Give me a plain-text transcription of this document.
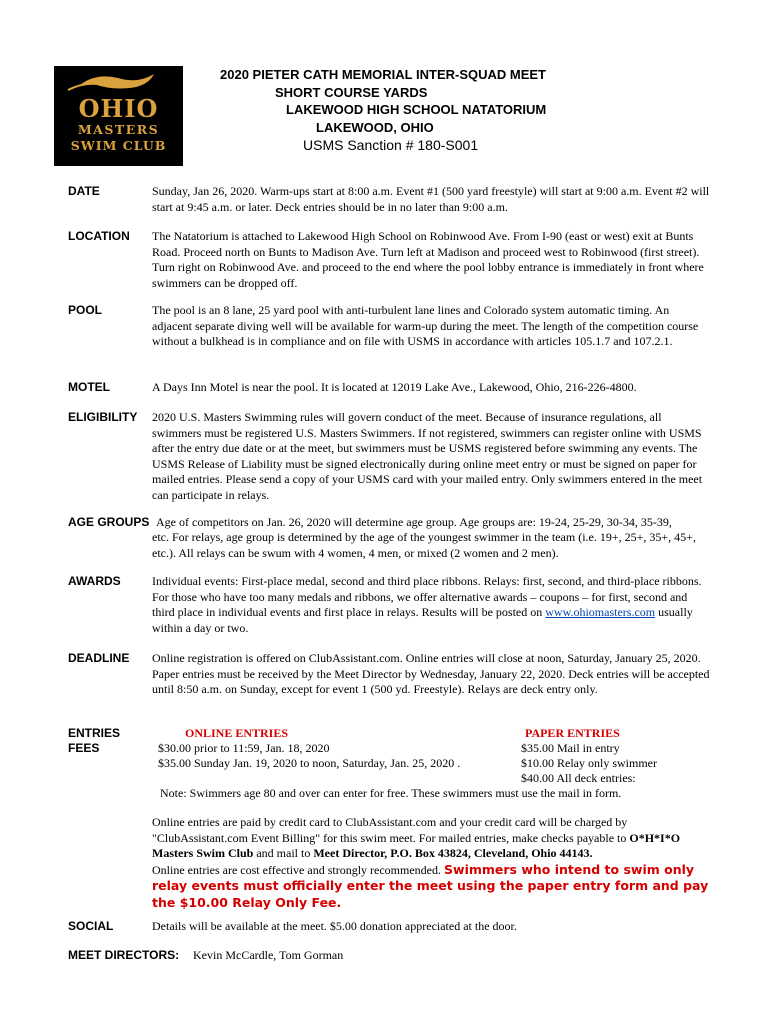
OHIO
MASTERS
SWIM CLUB
2020 PIETER CATH MEMORIAL INTER-SQUAD MEET
SHORT COURSE YARDS
LAKEWOOD HIGH SCHOOL NATATORIUM
LAKEWOOD, OHIO
USMS Sanction # 180-S001
DATE	Sunday, Jan 26, 2020. Warm-ups start at 8:00 a.m. Event #1 (500 yard freestyle) will start at 9:00 a.m. Event #2 will start at 9:45 a.m. or later. Deck entries should be in no later than 9:00 a.m.
LOCATION The Natatorium is attached to Lakewood High School on Robinwood Ave. From I-90 (east or west) exit at Bunts Road. Proceed north on Bunts to Madison Ave. Turn left at Madison and proceed west to Robinwood (first street). Turn right on Robinwood Ave. and proceed to the end where the pool lobby entrance is immediately in front where swimmers can be dropped off.
POOL	The pool is an 8 lane, 25 yard pool with anti-turbulent lane lines and Colorado system automatic timing. An adjacent separate diving well will be available for warm-up during the meet. The length of the competition course without a bulkhead is in compliance and on file with USMS in accordance with articles 105.1.7 and 107.2.1.
MOTEL	A Days Inn Motel is near the pool. It is located at 12019 Lake Ave., Lakewood, Ohio, 216-226-4800.
ELIGIBILITY 2020 U.S. Masters Swimming rules will govern conduct of the meet. Because of insurance regulations, all swimmers must be registered U.S. Masters Swimmers. If not registered, swimmers can register online with USMS after the entry due date or at the meet, but swimmers must be USMS registered before swimming any events. The USMS Release of Liability must be signed electronically during online meet entry or must be signed on paper for mailed entries. Please send a copy of your USMS card with your mailed entry. Only swimmers entered in the meet can participate in relays.
AGE GROUPS Age of competitors on Jan. 26, 2020 will determine age group. Age groups are: 19-24, 25-29, 30-34, 35-39,
etc. For relays, age group is determined by the age of the youngest swimmer in the team (i.e. 19+, 25+, 35+, 45+, etc.). All relays can be swum with 4 women, 4 men, or mixed (2 women and 2 men).
AWARDS	Individual events: First-place medal, second and third place ribbons. Relays: first, second, and third-place ribbons. For those who have too many medals and ribbons, we offer alternative awards – coupons – for first, second and third place in individual events and first place in relays. Results will be posted on www.ohiomasters.com usually within a day or two.
DEADLINE Online registration is offered on ClubAssistant.com. Online entries will close at noon, Saturday, January 25, 2020. Paper entries must be received by the Meet Director by Wednesday, January 22, 2020. Deck entries will be accepted until 8:50 a.m. on Sunday, except for event 1 (500 yd. Freestyle). Relays are deck entry only.
ENTRIES
FEES
ONLINE ENTRIES
$30.00 prior to 11:59, Jan. 18, 2020
$35.00 Sunday Jan. 19, 2020 to noon, Saturday, Jan. 25, 2020 .
PAPER ENTRIES
$35.00 Mail in entry
$10.00 Relay only swimmer
$40.00 All deck entries:
Note: Swimmers age 80 and over can enter for free. These swimmers must use the mail in form.
Online entries are paid by credit card to ClubAssistant.com and your credit card will be charged by "ClubAssistant.com Event Billing" for this swim meet. For mailed entries, make checks payable to O*H*I*O Masters Swim Club and mail to Meet Director, P.O. Box 43824, Cleveland, Ohio 44143.
Online entries are cost effective and strongly recommended. Swimmers who intend to swim only relay events must officially enter the meet using the paper entry form and pay the $10.00 Relay Only Fee.
SOCIAL	Details will be available at the meet. $5.00 donation appreciated at the door.
MEET DIRECTORS: Kevin McCardle, Tom Gorman
